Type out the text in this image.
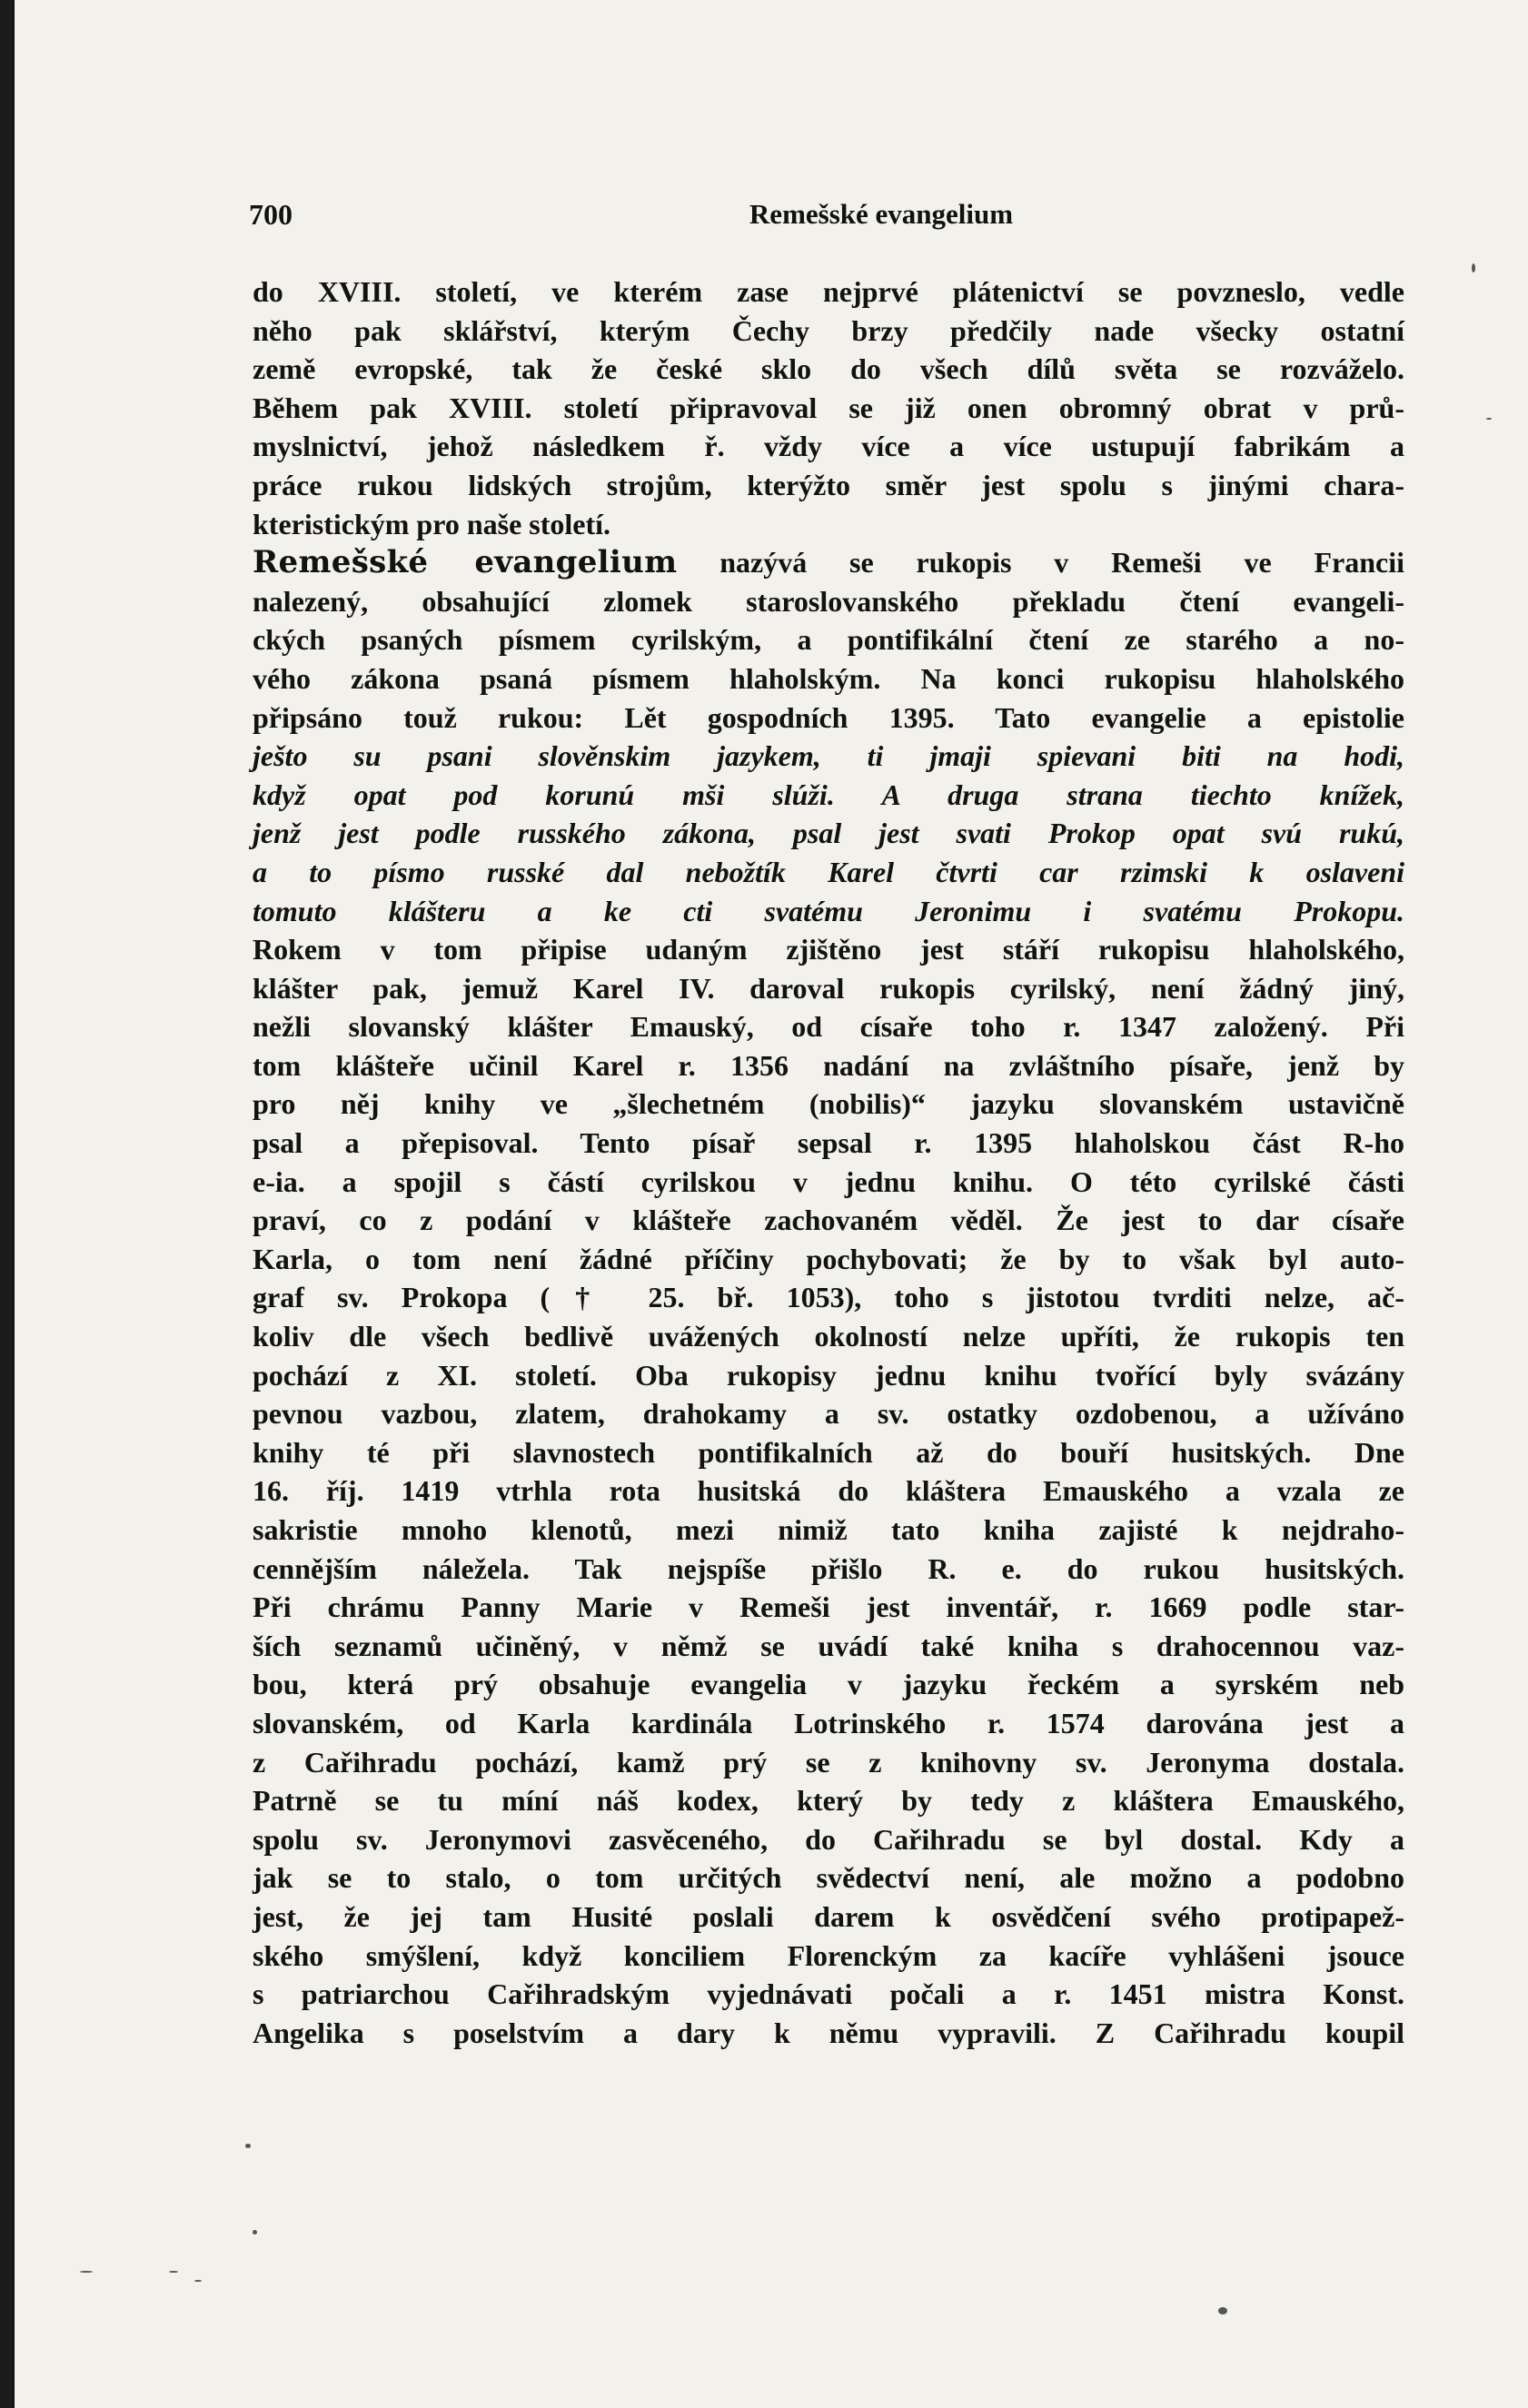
700	Remešské evangelium
do XVIII. století, ve kterém zase nejprvé plátenictví se povzneslo, vedle
něho pak sklářství, kterým Čechy brzy předčily nade všecky ostatní
země evropské, tak že české sklo do všech dílů světa se rozváželo.
Během pak XVIII. století připravoval se již onen obromný obrat v prů-
myslnictví, jehož následkem ř. vždy více a více ustupují fabrikám a
práce rukou lidských strojům, kterýžto směr jest spolu s jinými chara-
kteristickým pro naše století.
Remešské evangelium nazývá se rukopis v Remeši ve Francii
nalezený, obsahující zlomek staroslovanského překladu čtení evangeli-
ckých psaných písmem cyrilským, a pontifikální čtení ze starého a no-
vého zákona psaná písmem hlaholským. Na konci rukopisu hlaholského
připsáno touž rukou: Lět gospodních 1395. Tato evangelie a epistolie
ješto su psani slověnskim jazykem, ti jmaji spievani biti na hodi,
když opat pod korunú mši slúži. A druga strana tiechto knížek,
jenž jest podle rusského zákona, psal jest svati Prokop opat svú rukú,
a to písmo russké dal nebožtík Karel čtvrti car rzimski k oslaveni
tomuto klášteru a ke cti svatému Jeronimu i svatému Prokopu.
Rokem v tom připise udaným zjištěno jest stáří rukopisu hlaholského,
klášter pak, jemuž Karel IV. daroval rukopis cyrilský, není žádný jiný,
nežli slovanský klášter Emauský, od císaře toho r. 1347 založený. Při
tom klášteře učinil Karel r. 1356 nadání na zvláštního písaře, jenž by
pro něj knihy ve „šlechetném (nobilis)“ jazyku slovanském ustavičně
psal a přepisoval. Tento písař sepsal r. 1395 hlaholskou část R-ho
e-ia. a spojil s částí cyrilskou v jednu knihu. O této cyrilské části
praví, co z podání v klášteře zachovaném věděl. Že jest to dar císaře
Karla, o tom není žádné příčiny pochybovati; že by to však byl auto-
graf sv. Prokopa († 25. bř. 1053), toho s jistotou tvrditi nelze, ač-
koliv dle všech bedlivě uvážených okolností nelze upříti, že rukopis ten
pochází z XI. století. Oba rukopisy jednu knihu tvořící byly svázány
pevnou vazbou, zlatem, drahokamy a sv. ostatky ozdobenou, a užíváno
knihy té při slavnostech pontifikalních až do bouří husitských. Dne
16. říj. 1419 vtrhla rota husitská do kláštera Emauského a vzala ze
sakristie mnoho klenotů, mezi nimiž tato kniha zajisté k nejdraho-
cennějším náležela. Tak nejspíše přišlo R. e. do rukou husitských.
Při chrámu Panny Marie v Remeši jest inventář, r. 1669 podle star-
ších seznamů učiněný, v němž se uvádí také kniha s drahocennou vaz-
bou, která prý obsahuje evangelia v jazyku řeckém a syrském neb
slovanském, od Karla kardinála Lotrinského r. 1574 darována jest a
z Cařihradu pochází, kamž prý se z knihovny sv. Jeronyma dostala.
Patrně se tu míní náš kodex, který by tedy z kláštera Emauského,
spolu sv. Jeronymovi zasvěceného, do Cařihradu se byl dostal. Kdy a
jak se to stalo, o tom určitých svědectví není, ale možno a podobno
jest, že jej tam Husité poslali darem k osvědčení svého protipapež-
ského smýšlení, když konciliem Florenckým za kacíře vyhlášeni jsouce
s patriarchou Cařihradským vyjednávati počali a r. 1451 mistra Konst.
Angelika s poselstvím a dary k němu vypravili. Z Cařihradu koupil
